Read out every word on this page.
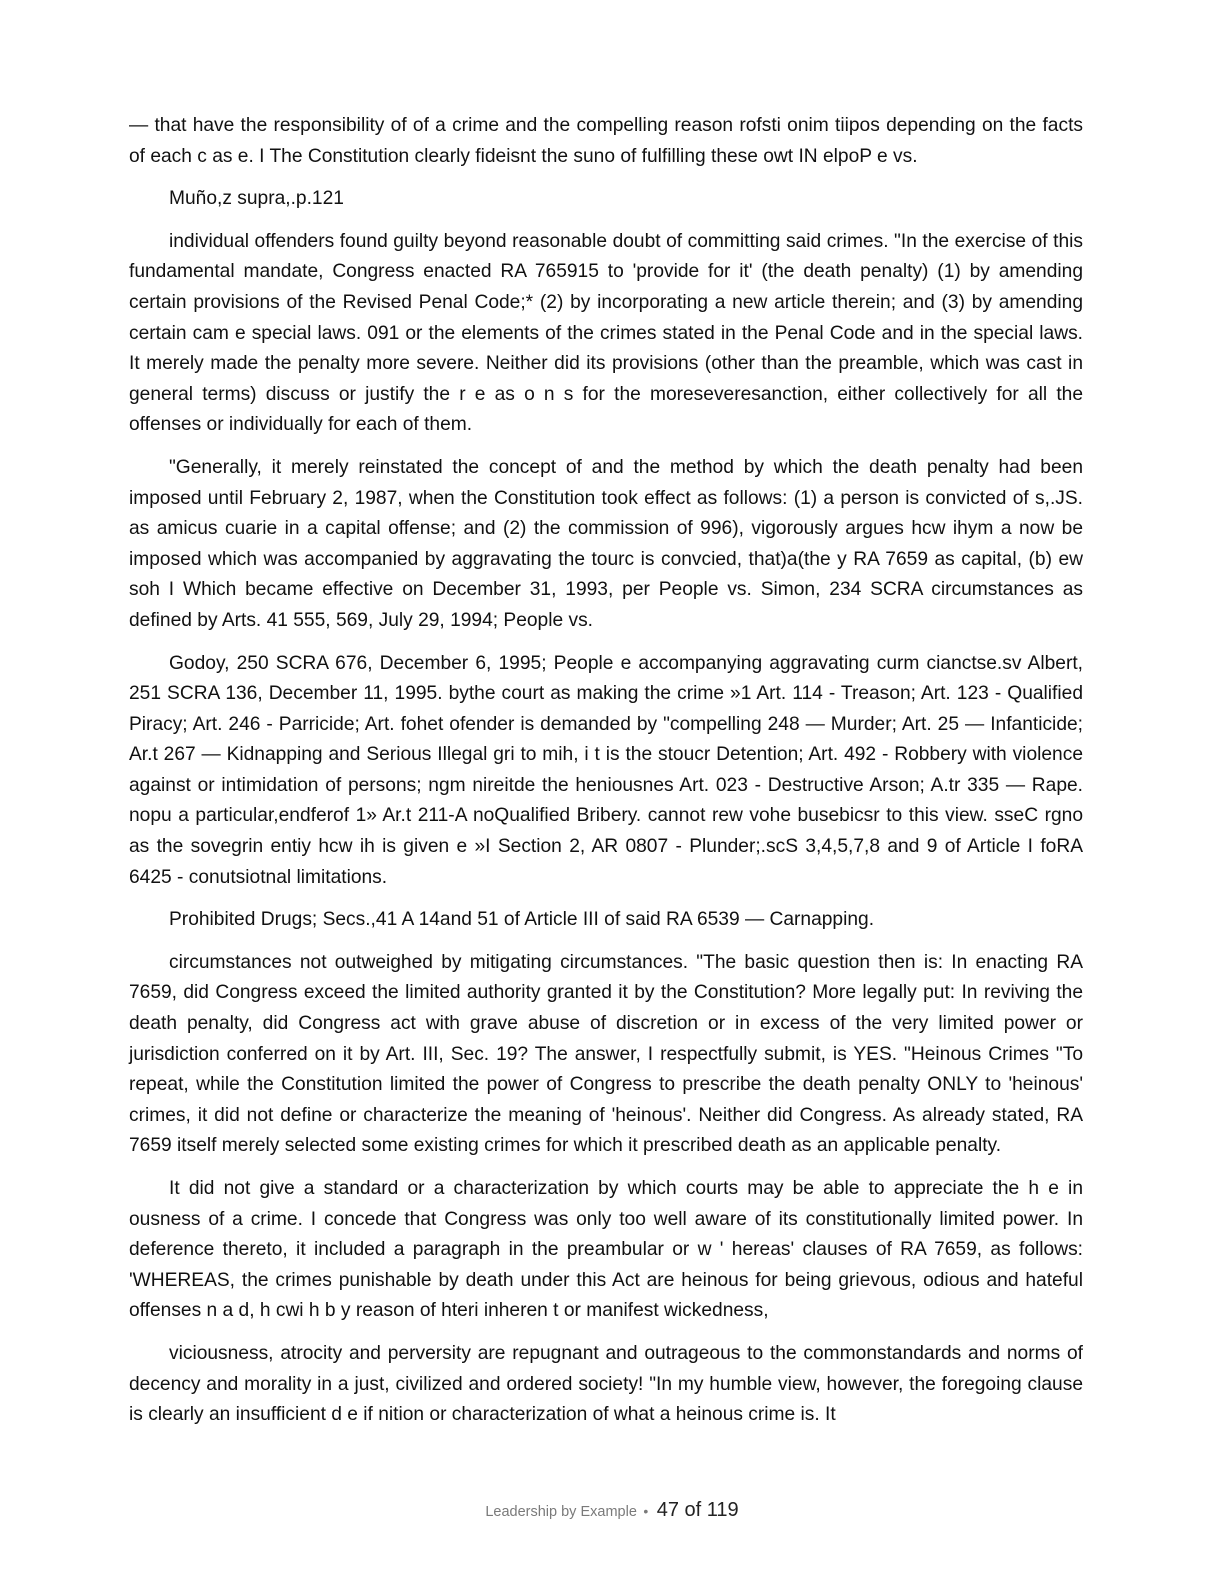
— that have the responsibility of of a crime and the compelling reason rofsti onim tiipos depending on the facts of each c as e. I The Constitution clearly fideisnt the suno of fulfilling these owt IN elpoP e vs.

Muño,z supra,.p.121

individual offenders found guilty beyond reasonable doubt of committing said crimes. "In the exercise of this fundamental mandate, Congress enacted RA 765915 to 'provide for it' (the death penalty) (1) by amending certain provisions of the Revised Penal Code;* (2) by incorporating a new article therein; and (3) by amending certain cam e special laws. 091 or the elements of the crimes stated in the Penal Code and in the special laws. It merely made the penalty more severe. Neither did its provisions (other than the preamble, which was cast in general terms) discuss or justify the r e as o n s for the moreseveresanction, either collectively for all the offenses or individually for each of them.

"Generally, it merely reinstated the concept of and the method by which the death penalty had been imposed until February 2, 1987, when the Constitution took effect as follows: (1) a person is convicted of s,.JS. as amicus cuarie in a capital offense; and (2) the commission of 996), vigorously argues hcw ihym a now be imposed which was accompanied by aggravating the tourc is convcied, that)a(the y RA 7659 as capital, (b) ew soh I Which became effective on December 31, 1993, per People vs. Simon, 234 SCRA circumstances as defined by Arts. 41 555, 569, July 29, 1994; People vs.

Godoy, 250 SCRA 676, December 6, 1995; People e accompanying aggravating curm cianctse.sv Albert, 251 SCRA 136, December 11, 1995. bythe court as making the crime »1 Art. 114 - Treason; Art. 123 - Qualified Piracy; Art. 246 - Parricide; Art. fohet ofender is demanded by "compelling 248 — Murder; Art. 25 — Infanticide; Ar.t 267 — Kidnapping and Serious Illegal gri to mih, i t is the stoucr Detention; Art. 492 - Robbery with violence against or intimidation of persons; ngm nireitde the heniousnes Art. 023 - Destructive Arson; A.tr 335 — Rape. nopu a particular,endferof 1» Ar.t 211-A noQualified Bribery. cannot rew vohe busebicsr to this view. sseC rgno as the sovegrin entiy hcw ih is given e »I Section 2, AR 0807 - Plunder;.scS 3,4,5,7,8 and 9 of Article I foRA 6425 - conutsiotnal limitations.

Prohibited Drugs; Secs.,41 A 14and 51 of Article III of said RA 6539 — Carnapping.

circumstances not outweighed by mitigating circumstances. "The basic question then is: In enacting RA 7659, did Congress exceed the limited authority granted it by the Constitution? More legally put: In reviving the death penalty, did Congress act with grave abuse of discretion or in excess of the very limited power or jurisdiction conferred on it by Art. III, Sec. 19? The answer, I respectfully submit, is YES. "Heinous Crimes "To repeat, while the Constitution limited the power of Congress to prescribe the death penalty ONLY to 'heinous' crimes, it did not define or characterize the meaning of 'heinous'. Neither did Congress. As already stated, RA 7659 itself merely selected some existing crimes for which it prescribed death as an applicable penalty.

It did not give a standard or a characterization by which courts may be able to appreciate the h e in ousness of a crime. I concede that Congress was only too well aware of its constitutionally limited power. In deference thereto, it included a paragraph in the preambular or w ' hereas' clauses of RA 7659, as follows: 'WHEREAS, the crimes punishable by death under this Act are heinous for being grievous, odious and hateful offenses n a d, h cwi h b y reason of hteri inheren t or manifest wickedness,

viciousness, atrocity and perversity are repugnant and outrageous to the commonstandards and norms of decency and morality in a just, civilized and ordered society! "In my humble view, however, the foregoing clause is clearly an insufficient d e if nition or characterization of what a heinous crime is. It

Leadership by Example • 47 of 119
